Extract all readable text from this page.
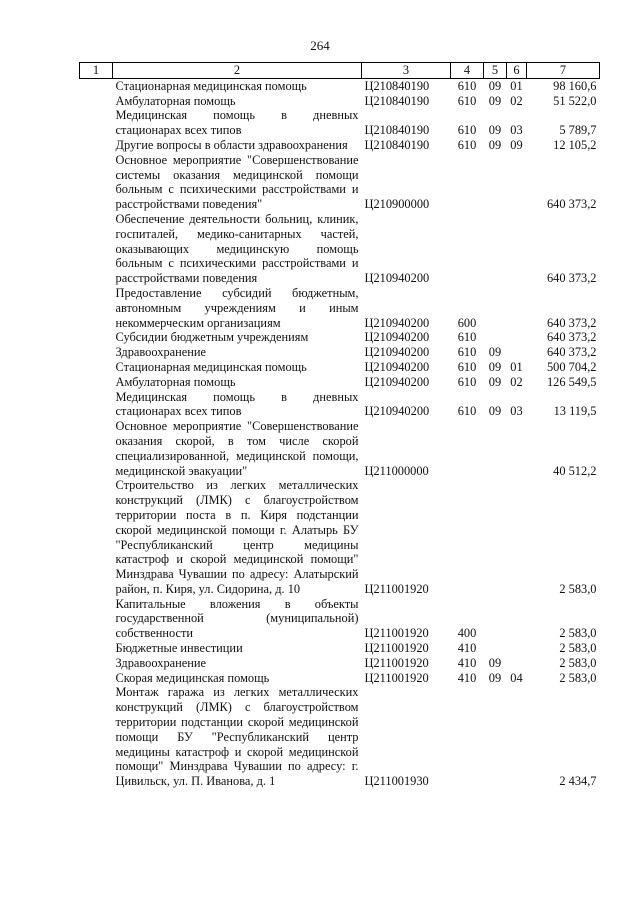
264
1	2	3	4	5	6	7
	Стационарная медицинская помощь	Ц210840190	610	09	01	98 160,6
	Амбулаторная помощь	Ц210840190	610	09	02	51 522,0
	Медицинская помощь в дневных стационарах всех типов	Ц210840190	610	09	03	5 789,7
	Другие вопросы в области здравоохранения	Ц210840190	610	09	09	12 105,2
	Основное мероприятие "Совершенствование системы оказания медицинской помощи больным с психическими расстройствами и расстройствами поведения"	Ц210900000				640 373,2
	Обеспечение деятельности больниц, клиник, госпиталей, медико-санитарных частей, оказывающих медицинскую помощь больным с психическими расстройствами и расстройствами поведения	Ц210940200				640 373,2
	Предоставление субсидий бюджетным, автономным учреждениям и иным некоммерческим организациям	Ц210940200	600			640 373,2
	Субсидии бюджетным учреждениям	Ц210940200	610			640 373,2
	Здравоохранение	Ц210940200	610	09		640 373,2
	Стационарная медицинская помощь	Ц210940200	610	09	01	500 704,2
	Амбулаторная помощь	Ц210940200	610	09	02	126 549,5
	Медицинская помощь в дневных стационарах всех типов	Ц210940200	610	09	03	13 119,5
	Основное мероприятие "Совершенствование оказания скорой, в том числе скорой специализированной, медицинской помощи, медицинской эвакуации"	Ц211000000				40 512,2
	Строительство из легких металлических конструкций (ЛМК) с благоустройством территории поста в п. Киря подстанции скорой медицинской помощи г. Алатырь БУ "Республиканский центр медицины катастроф и скорой медицинской помощи" Минздрава Чувашии по адресу: Алатырский район, п. Киря, ул. Сидорина, д. 10	Ц211001920				2 583,0
	Капитальные вложения в объекты государственной (муниципальной) собственности	Ц211001920	400			2 583,0
	Бюджетные инвестиции	Ц211001920	410			2 583,0
	Здравоохранение	Ц211001920	410	09		2 583,0
	Скорая медицинская помощь	Ц211001920	410	09	04	2 583,0
	Монтаж гаража из легких металлических конструкций (ЛМК) с благоустройством территории подстанции скорой медицинской помощи БУ "Республиканский центр медицины катастроф и скорой медицинской помощи" Минздрава Чувашии по адресу: г. Цивильск, ул. П. Иванова, д. 1	Ц211001930				2 434,7
